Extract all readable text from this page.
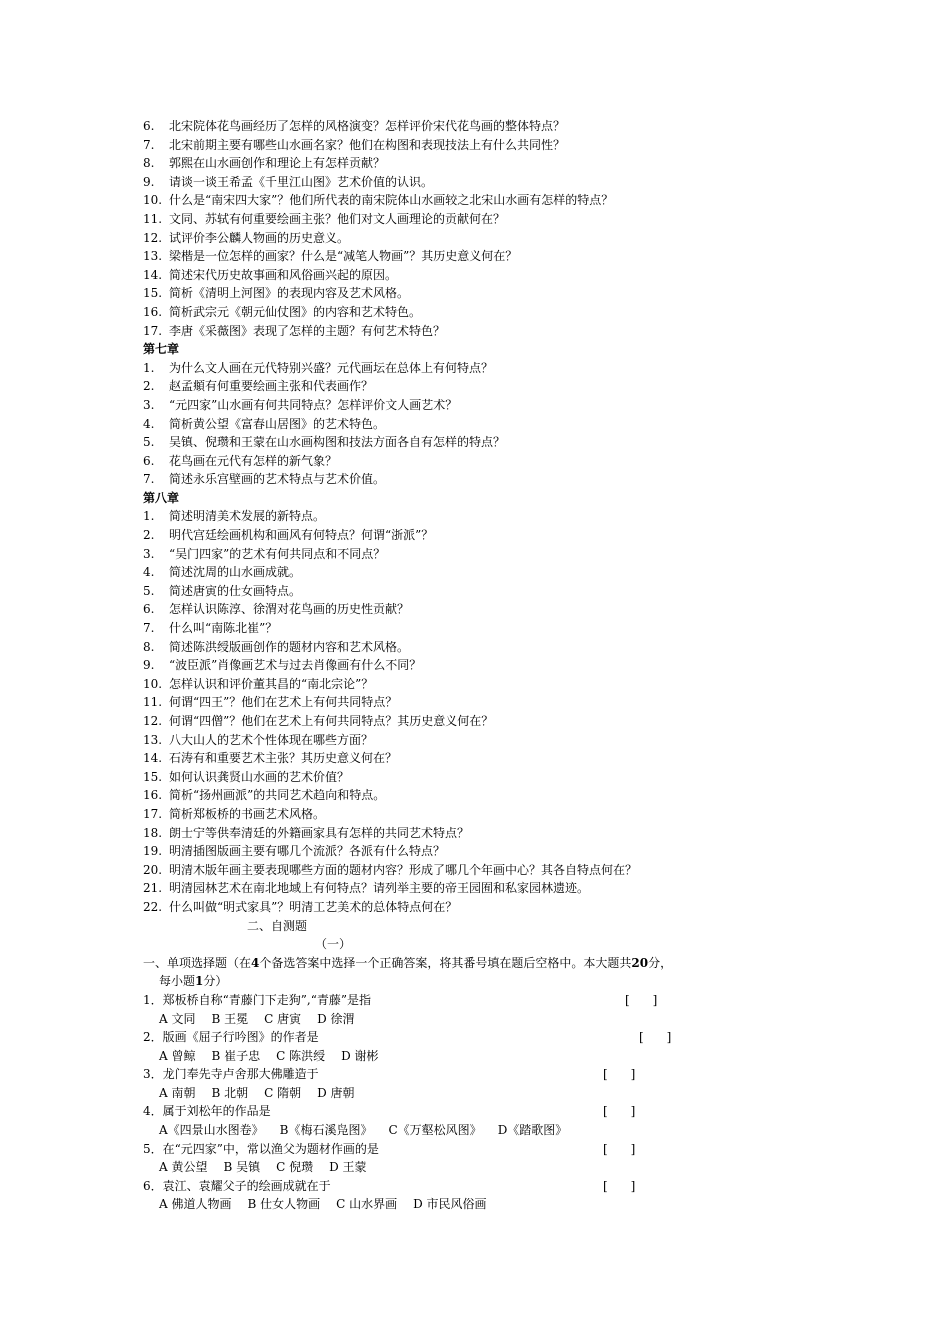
6. 北宋院体花鸟画经历了怎样的风格演变？怎样评价宋代花鸟画的整体特点？
7. 北宋前期主要有哪些山水画名家？他们在构图和表现技法上有什么共同性？
8. 郭熙在山水画创作和理论上有怎样贡献？
9. 请谈一谈王希孟《千里江山图》艺术价值的认识。
10. 什么是“南宋四大家”？他们所代表的南宋院体山水画较之北宋山水画有怎样的特点？
11. 文同、苏轼有何重要绘画主张？他们对文人画理论的贡献何在？
12. 试评价李公麟人物画的历史意义。
13. 梁楷是一位怎样的画家？什么是“减笔人物画”？其历史意义何在？
14. 简述宋代历史故事画和风俗画兴起的原因。
15. 简析《清明上河图》的表现内容及艺术风格。
16. 简析武宗元《朝元仙仗图》的内容和艺术特色。
17. 李唐《采薇图》表现了怎样的主题？有何艺术特色？
第七章
1. 为什么文人画在元代特别兴盛？元代画坛在总体上有何特点？
2. 赵孟頫有何重要绘画主张和代表画作？
3. “元四家”山水画有何共同特点？怎样评价文人画艺术？
4. 简析黄公望《富春山居图》的艺术特色。
5. 吴镇、倪瓒和王蒙在山水画构图和技法方面各自有怎样的特点？
6. 花鸟画在元代有怎样的新气象？
7. 简述永乐宫壁画的艺术特点与艺术价值。
第八章
1. 简述明清美术发展的新特点。
2. 明代宫廷绘画机构和画风有何特点？何谓“浙派”？
3. “吴门四家”的艺术有何共同点和不同点？
4. 简述沈周的山水画成就。
5. 简述唐寅的仕女画特点。
6. 怎样认识陈淳、徐渭对花鸟画的历史性贡献？
7. 什么叫“南陈北崔”？
8. 简述陈洪绶版画创作的题材内容和艺术风格。
9. “波臣派”肖像画艺术与过去肖像画有什么不同？
10. 怎样认识和评价董其昌的“南北宗论”？
11. 何谓“四王”？他们在艺术上有何共同特点？
12. 何谓“四僧”？他们在艺术上有何共同特点？其历史意义何在？
13. 八大山人的艺术个性体现在哪些方面？
14. 石涛有和重要艺术主张？其历史意义何在？
15. 如何认识龚贤山水画的艺术价值？
16. 简析“扬州画派”的共同艺术趋向和特点。
17. 简析郑板桥的书画艺术风格。
18. 朗士宁等供奉清廷的外籍画家具有怎样的共同艺术特点？
19. 明清插图版画主要有哪几个流派？各派有什么特点？
20. 明清木版年画主要表现哪些方面的题材内容？形成了哪几个年画中心？其各自特点何在？
21. 明清园林艺术在南北地域上有何特点？请列举主要的帝王园囿和私家园林遗迹。
22. 什么叫做“明式家具”？明清工艺美术的总体特点何在？
二、自测题
（一）
一、单项选择题（在4个备选答案中选择一个正确答案，将其番号填在题后空格中。本大题共20分，
每小题1分）
1．郑板桥自称“青藤门下走狗”,“青藤”是指	[      ]
A 文同 B 王冕 C 唐寅 D 徐渭
2．版画《屈子行吟图》的作者是	[      ]
A 曾鲸 B 崔子忠 C 陈洪绶 D 谢彬
3．龙门奉先寺卢舍那大佛雕造于	[      ]
A 南朝 B 北朝 C 隋朝 D 唐朝
4．属于刘松年的作品是	[      ]
A《四景山水图卷》 B《梅石溪凫图》 C《万壑松风图》 D《踏歌图》
5．在“元四家”中，常以渔父为题材作画的是	[      ]
A 黄公望 B 吴镇 C 倪瓒 D 王蒙
6．袁江、袁耀父子的绘画成就在于	[      ]
A 佛道人物画 B 仕女人物画 C 山水界画 D 市民风俗画
